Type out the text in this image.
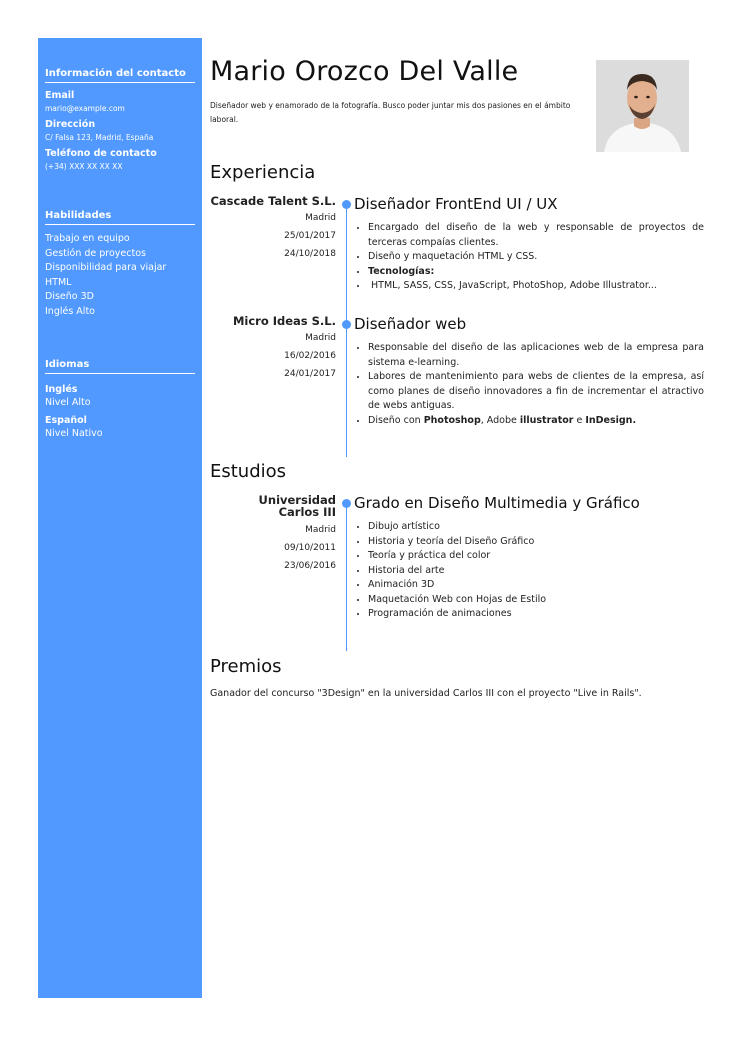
Información del contacto

Email
mario@example.com
Dirección
C/ Falsa 123, Madrid, España
Teléfono de contacto
(+34) XXX XX XX XX

Habilidades

Trabajo en equipo
Gestión de proyectos
Disponibilidad para viajar
HTML
Diseño 3D
Inglés Alto

Idiomas

Inglés
Nivel Alto
Español
Nivel Nativo
Mario Orozco Del Valle

Diseñador web y enamorado de la fotografía. Busco poder juntar mis dos pasiones en el ámbito laboral.

Experiencia
Cascade Talent S.L.
Madrid
25/01/2017
24/10/2018
Diseñador FrontEnd UI / UX
• Encargado del diseño de la web y responsable de proyectos de terceras compaías clientes.
• Diseño y maquetación HTML y CSS.
• Tecnologías:
•  HTML, SASS, CSS, JavaScript, PhotoShop, Adobe Illustrator...
Micro Ideas S.L.
Madrid
16/02/2016
24/01/2017
Diseñador web
• Responsable del diseño de las aplicaciones web de la empresa para sistema e-learning.
• Labores de mantenimiento para webs de clientes de la empresa, así como planes de diseño innovadores a fin de incrementar el atractivo de webs antiguas.
• Diseño con Photoshop, Adobe illustrator e InDesign.
Estudios
Universidad Carlos III
Madrid
09/10/2011
23/06/2016
Grado en Diseño Multimedia y Gráfico
• Dibujo artístico
• Historia y teoría del Diseño Gráfico
• Teoría y práctica del color
• Historia del arte
• Animación 3D
• Maquetación Web con Hojas de Estilo
• Programación de animaciones
Premios

Ganador del concurso "3Design" en la universidad Carlos III con el proyecto "Live in Rails".
